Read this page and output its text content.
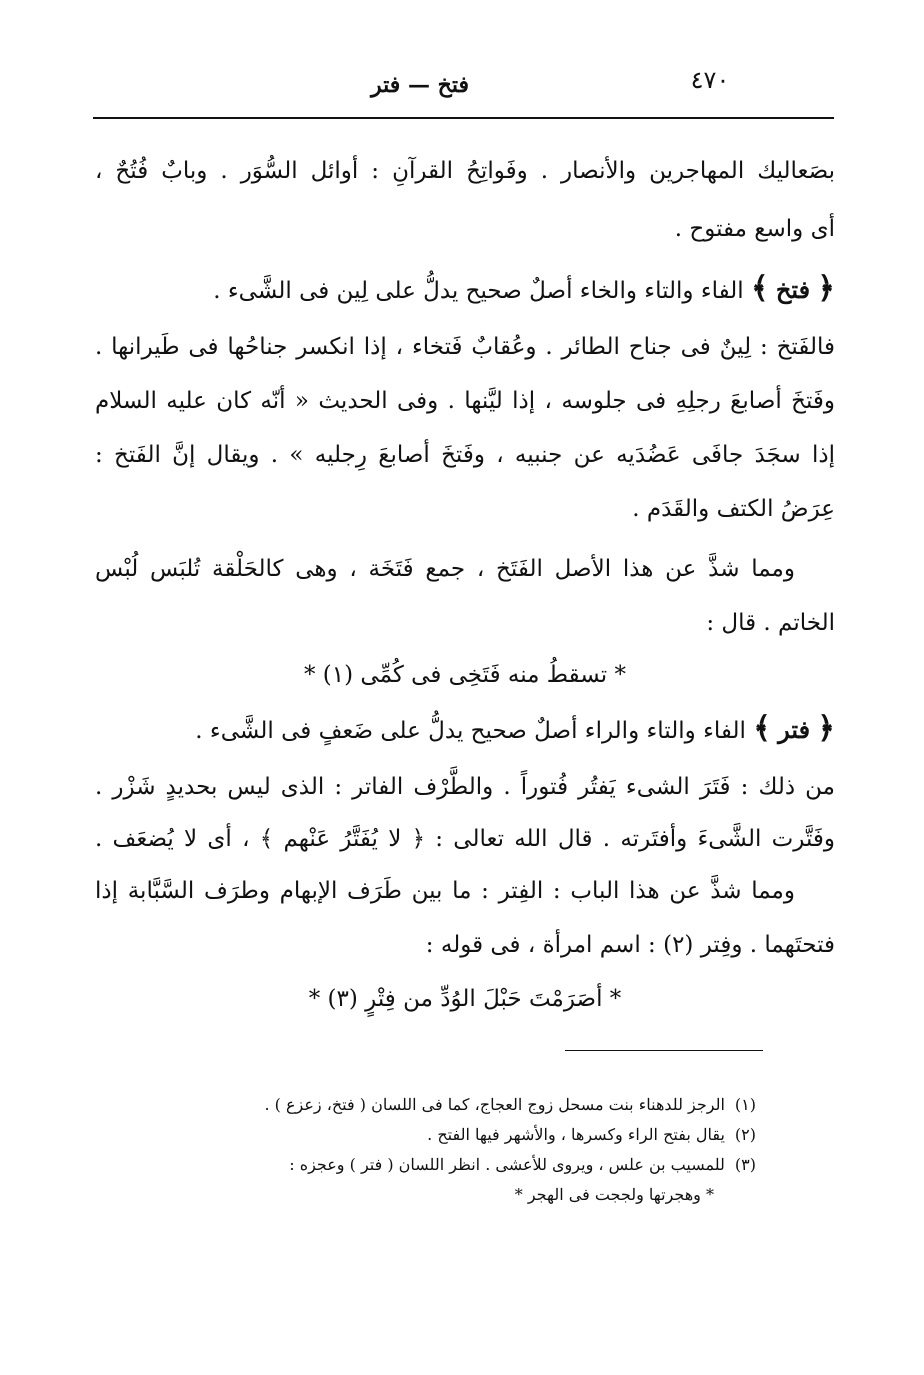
٤٧٠
فتخ — فتر
بصَعاليك المهاجرين والأنصار . وفَواتِحُ القرآنِ : أوائل السُّوَر . وبابٌ فُتُحٌ ،
أى واسع مفتوح .
﴿ فتخ ﴾ الفاء والتاء والخاء أصلٌ صحيح يدلُّ على لِين فى الشَّىء .
فالفَتخ : لِينٌ فى جناح الطائر . وعُقابٌ فَتخاء ، إذا انكسر جناحُها فى طَيرانها .
وفَتخَ أصابعَ رجلِهِ فى جلوسه ، إذا ليَّنها . وفى الحديث « أنّه كان عليه السلام
إذا سجَدَ جافَى عَضُدَيه عن جنبيه ، وفَتخَ أصابعَ رِجليه » . ويقال إنَّ الفَتخ :
عِرَضُ الكتف والقَدَم .
ومما شذَّ عن هذا الأصل الفَتَخ ، جمع فَتَخَة ، وهى كالحَلْقة تُلبَس لُبْس
الخاتم . قال :
* تسقطُ منه فَتَخِى فى كُمِّى (١) *
﴿ فتر ﴾ الفاء والتاء والراء أصلٌ صحيح يدلُّ على ضَعفٍ فى الشَّىء .
من ذلك : فَتَرَ الشىء يَفتُر فُتوراً . والطَّرْف الفاتر : الذى ليس بحديدٍ شَزْر .
وفَتَّرت الشَّىءَ وأفتَرته . قال الله تعالى : ﴿ لا يُفَتَّرُ عَنْهم ﴾ ، أى لا يُضعَف .
ومما شذَّ عن هذا الباب : الفِتر : ما بين طَرَف الإبهام وطرَف السَّبَّابة إذا
فتحتَهما . وفِتر (٢) : اسم امرأة ، فى قوله :
* أصَرَمْتَ حَبْلَ الوُدِّ من فِتْرٍ (٣) *
(١)الرجز للدهناء بنت مسحل زوج العجاج، كما فى اللسان ( فتخ، زعزع ) .
(٢)يقال بفتح الراء وكسرها ، والأشهر فيها الفتح .
(٣)للمسيب بن علس ، ويروى للأعشى . انظر اللسان ( فتر ) وعجزه :
* وهجرتها ولججت فى الهجر *
